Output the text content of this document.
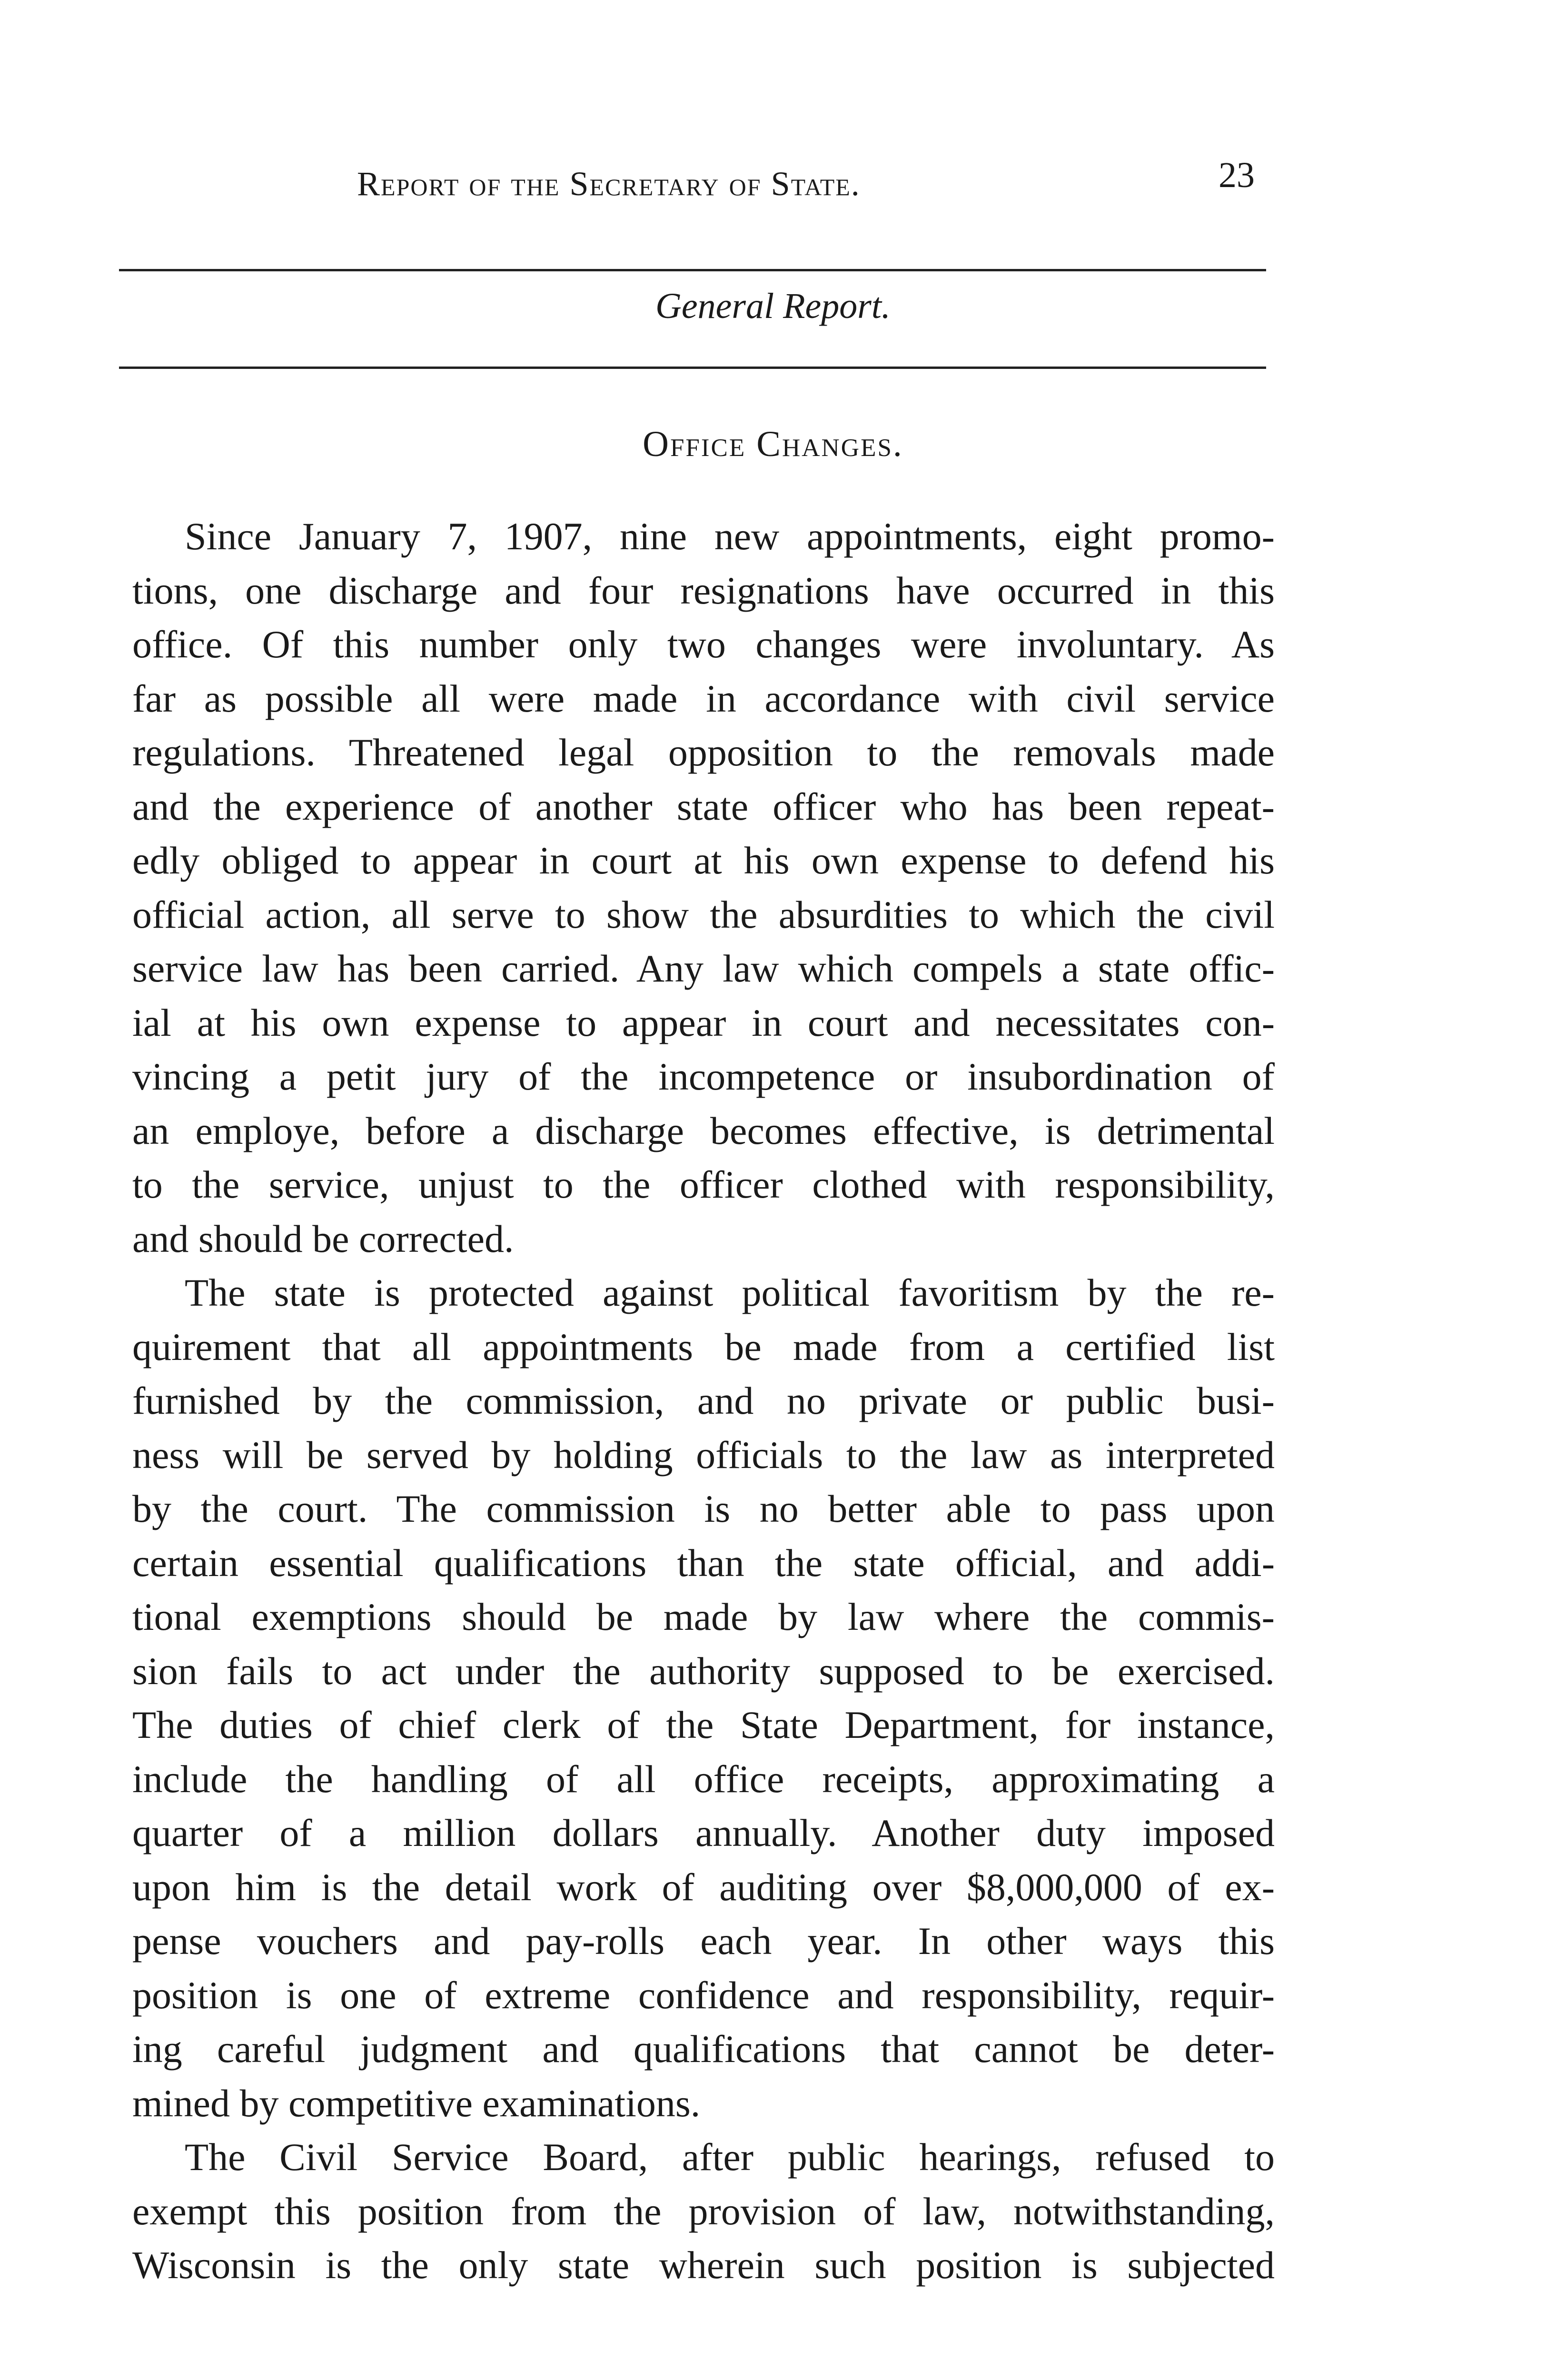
Report of the Secretary of State.	23
General Report.
Office Changes.
Since January 7, 1907, nine new appointments, eight promo-
tions, one discharge and four resignations have occurred in this
office. Of this number only two changes were involuntary. As
far as possible all were made in accordance with civil service
regulations. Threatened legal opposition to the removals made
and the experience of another state officer who has been repeat-
edly obliged to appear in court at his own expense to defend his
official action, all serve to show the absurdities to which the civil
service law has been carried. Any law which compels a state offic-
ial at his own expense to appear in court and necessitates con-
vincing a petit jury of the incompetence or insubordination of
an employe, before a discharge becomes effective, is detrimental
to the service, unjust to the officer clothed with responsibility,
and should be corrected.
The state is protected against political favoritism by the re-
quirement that all appointments be made from a certified list
furnished by the commission, and no private or public busi-
ness will be served by holding officials to the law as interpreted
by the court. The commission is no better able to pass upon
certain essential qualifications than the state official, and addi-
tional exemptions should be made by law where the commis-
sion fails to act under the authority supposed to be exercised.
The duties of chief clerk of the State Department, for instance,
include the handling of all office receipts, approximating a
quarter of a million dollars annually. Another duty imposed
upon him is the detail work of auditing over $8,000,000 of ex-
pense vouchers and pay-rolls each year. In other ways this
position is one of extreme confidence and responsibility, requir-
ing careful judgment and qualifications that cannot be deter-
mined by competitive examinations.
The Civil Service Board, after public hearings, refused to
exempt this position from the provision of law, notwithstanding,
Wisconsin is the only state wherein such position is subjected
